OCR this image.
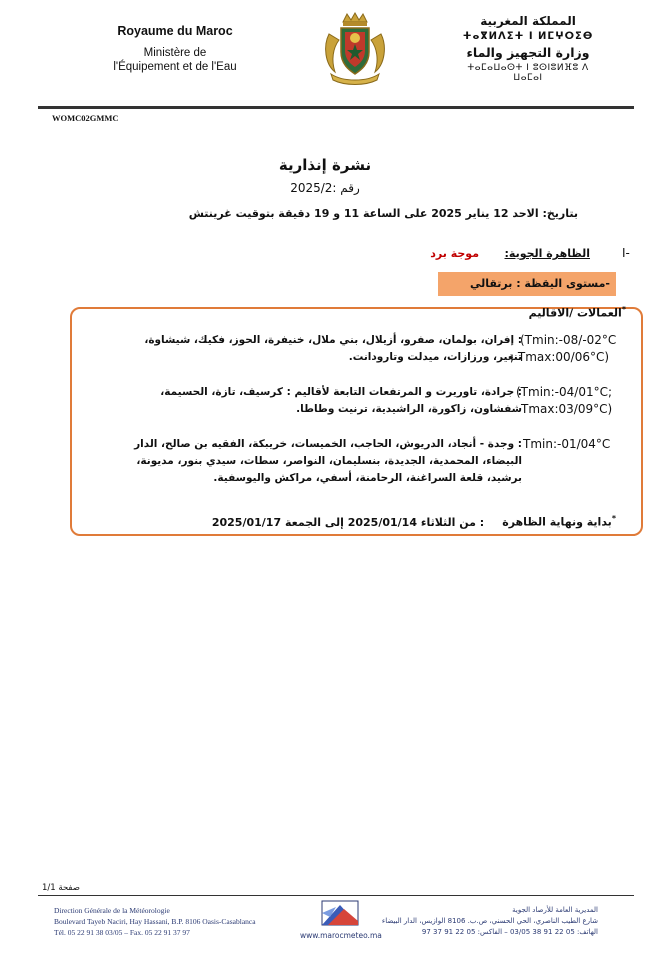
Royaume du Maroc
Ministère de
l'Équipement et de l'Eau
المملكة المغربية
ⵜⴰⴳⵍⴷⵉⵜ ⵏ ⵍⵎⵖⵔⵉⴱ
وزارة التجهيز والماء
ⵜⴰⵎⴰⵡⴰⵙⵜ ⵏ ⵓⵙⵏⵓⵍⴼⵓ ⴷ ⵡⴰⵎⴰⵏ
WOMC02GMMC
نشرة إنذارية
رقم :2025/2
بتاريخ: الاحد 12 يناير 2025 على الساعة 11 و 19 دقيقة بتوقيت غرينتش
I-
الظاهرة الجوية: موجة برد
-مستوى اليقظة : برتقالي
*العمالات /الاقاليم
: إفران، بولمان، صفرو، أزيلال، بني ملال، خنيفرة، الحوز، فكيك، شيشاوة، تنغير، ورزازات، ميدلت وتارودانت.
(Tmin:-08/-02°C
; Tmax:00/06°C)
: جرادة، تاوريرت و المرتفعات التابعة لأقاليم : كرسيف، تازة، الحسيمة، شفشاون، زاكورة، الراشيدية، ترنيت وطاطا.
(Tmin:-04/01°C;
Tmax:03/09°C)
: وجدة - أنجاد، الدريوش، الحاجب، الخميسات، خريبكة، الفقيه بن صالح، الدار البيضاء، المحمدية، الجديدة، بنسليمان، النواصر، سطات، سيدي بنور، مديونة، برشيد، قلعة السراغنة، الرحامنة، أسفي، مراكش واليوسفية.
Tmin:-01/04°C
*بداية ونهاية الظاهرة: من الثلاثاء 2025/01/14 إلى الجمعة 2025/01/17
صفحة 1/1
Direction Générale de la Météorologie
Boulevard Tayeb Naciri, Hay Hassani, B.P. 8106 Oasis-Casablanca
Tél. 05 22 91 38 03/05 – Fax. 05 22 91 37 97	www.marocmeteo.ma
المديرية العامة للأرصاد الجوية
شارع الطيب الناصري، الحي الحسني، ص.ب. 8106 الوازيس، الدار البيضاء
الهاتف: 05 22 91 38 03/05 – الفاكس: 05 22 91 37 97
